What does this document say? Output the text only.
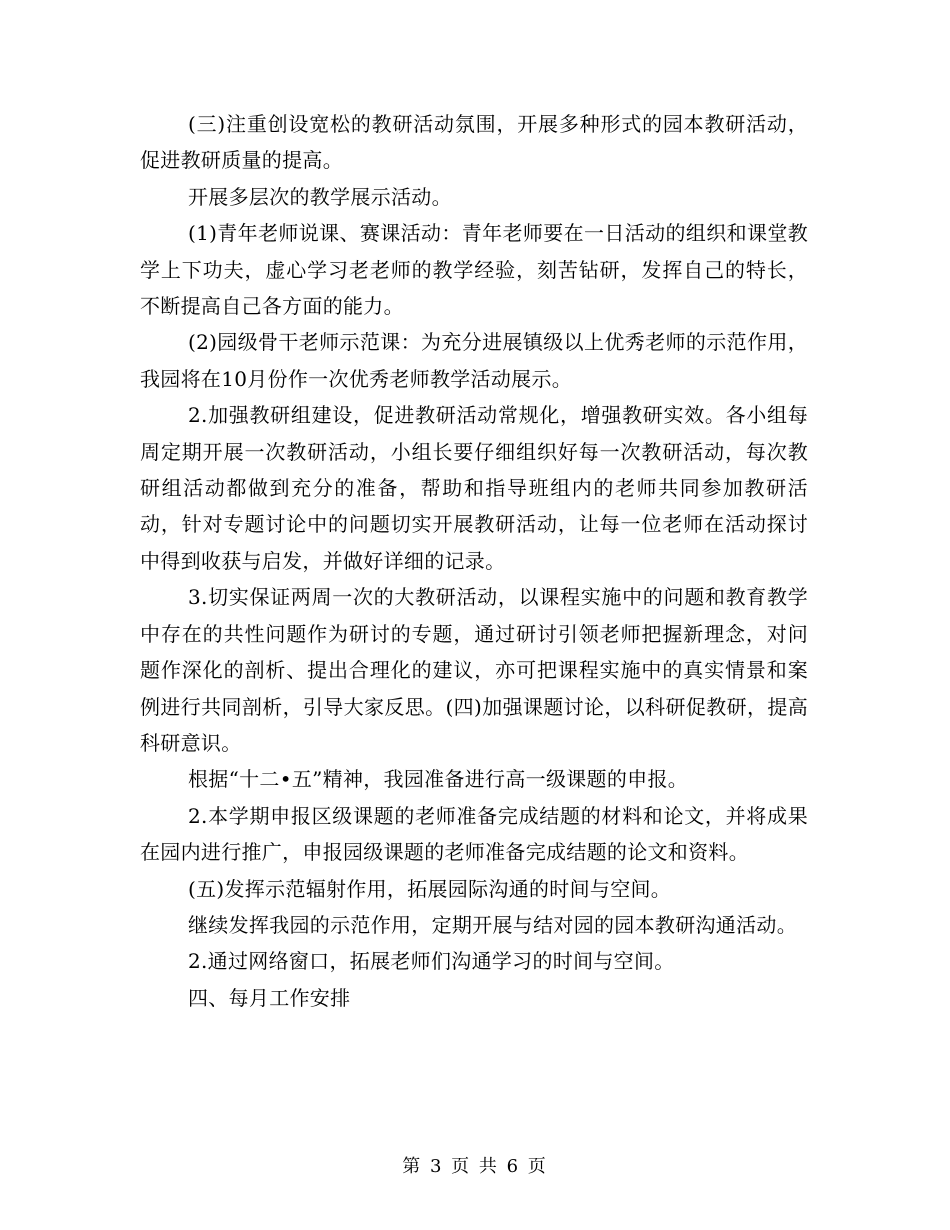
(三)注重创设宽松的教研活动氛围，开展多种形式的园本教研活动，促进教研质量的提高。

开展多层次的教学展示活动。

(1)青年老师说课、赛课活动：青年老师要在一日活动的组织和课堂教学上下功夫，虚心学习老老师的教学经验，刻苦钻研，发挥自己的特长，不断提高自己各方面的能力。

(2)园级骨干老师示范课：为充分进展镇级以上优秀老师的示范作用，我园将在10月份作一次优秀老师教学活动展示。

2.加强教研组建设，促进教研活动常规化，增强教研实效。各小组每周定期开展一次教研活动，小组长要仔细组织好每一次教研活动，每次教研组活动都做到充分的准备，帮助和指导班组内的老师共同参加教研活动，针对专题讨论中的问题切实开展教研活动，让每一位老师在活动探讨中得到收获与启发，并做好详细的记录。

3.切实保证两周一次的大教研活动，以课程实施中的问题和教育教学中存在的共性问题作为研讨的专题，通过研讨引领老师把握新理念，对问题作深化的剖析、提出合理化的建议，亦可把课程实施中的真实情景和案例进行共同剖析，引导大家反思。(四)加强课题讨论，以科研促教研，提高科研意识。

根据“十二•五”精神，我园准备进行高一级课题的申报。

2.本学期申报区级课题的老师准备完成结题的材料和论文，并将成果在园内进行推广，申报园级课题的老师准备完成结题的论文和资料。

(五)发挥示范辐射作用，拓展园际沟通的时间与空间。

继续发挥我园的示范作用，定期开展与结对园的园本教研沟通活动。

2.通过网络窗口，拓展老师们沟通学习的时间与空间。

四、每月工作安排

第 3 页 共 6 页
